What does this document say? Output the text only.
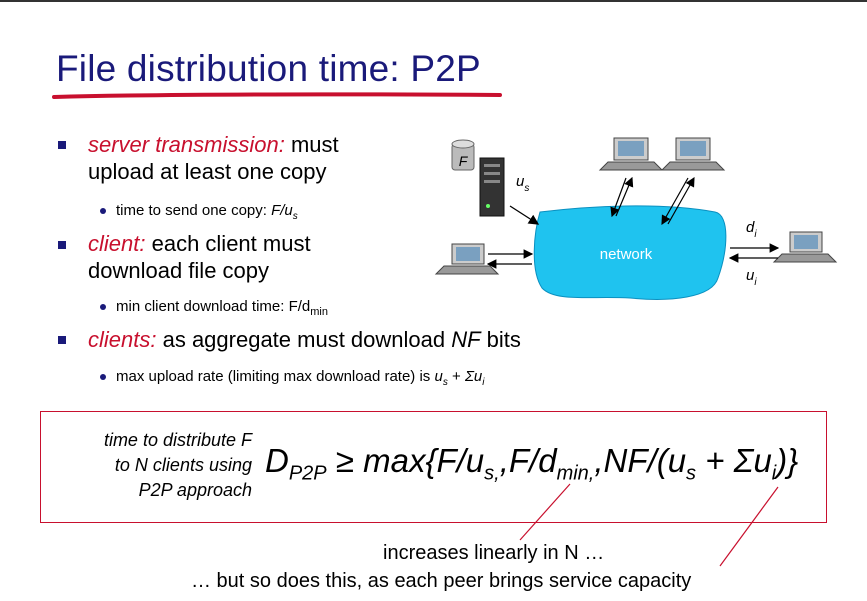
File distribution time: P2P
server transmission: must
upload at least one copy
time to send one copy: $F/u_s$
client: each client must
download file copy
min client download time: $F/d_{min}$
clients: as aggregate must download NF bits
max upload rate (limiting max download rate) is $u_s + \Sigma u_i$
network
F
$u_s$
$d_i$
$u_i$
time to distribute F
to N clients using
P2P approach
$D_{P2P} \ge \max\{F/u_{s,},F/d_{min,},NF/(u_s + \Sigma u_i)\}$
increases linearly in N …
… but so does this, as each peer brings service capacity
